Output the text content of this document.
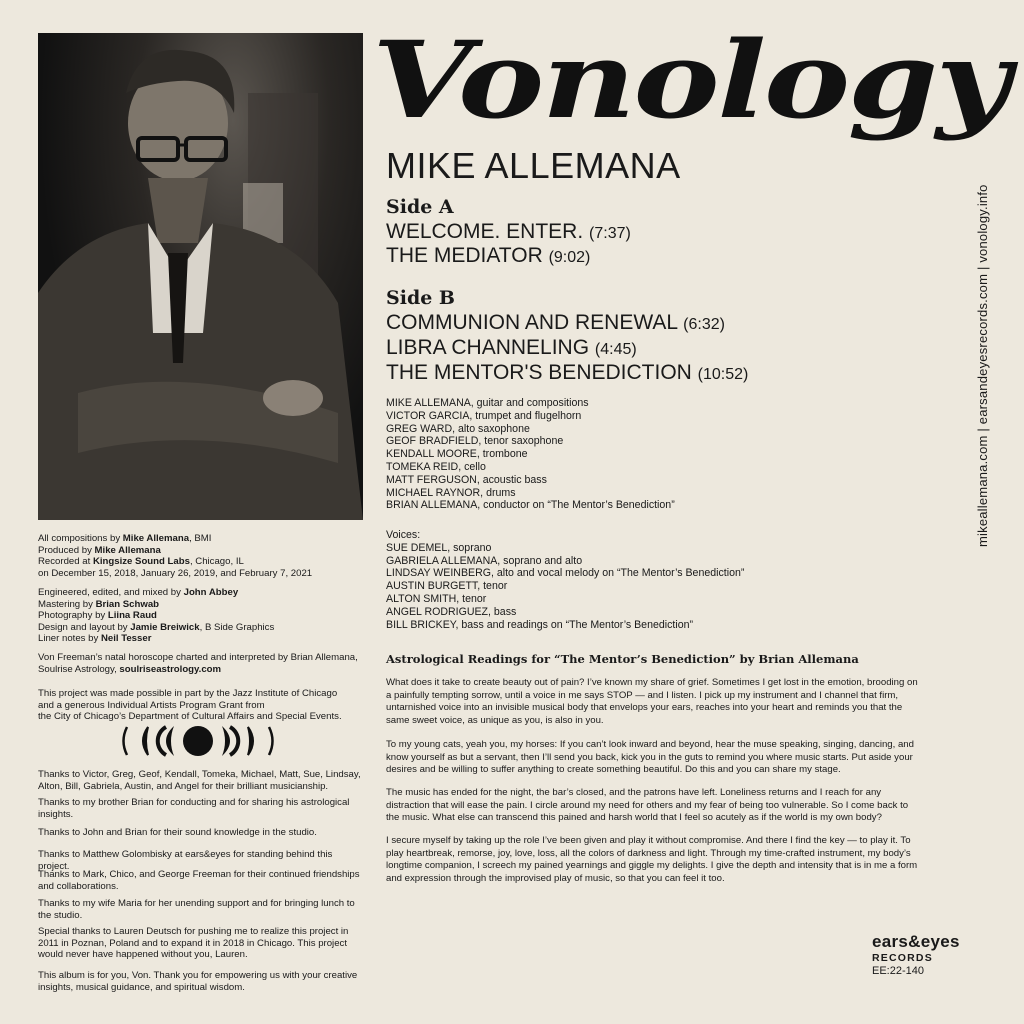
Vonology
MIKE ALLEMANA
Side A
WELCOME. ENTER. (7:37)
THE MEDIATOR (9:02)
Side B
COMMUNION AND RENEWAL (6:32)
LIBRA CHANNELING (4:45)
THE MENTOR'S BENEDICTION (10:52)
MIKE ALLEMANA, guitar and compositions
VICTOR GARCIA, trumpet and flugelhorn
GREG WARD, alto saxophone
GEOF BRADFIELD, tenor saxophone
KENDALL MOORE, trombone
TOMEKA REID, cello
MATT FERGUSON, acoustic bass
MICHAEL RAYNOR, drums
BRIAN ALLEMANA, conductor on “The Mentor’s Benediction”
Voices:
SUE DEMEL, soprano
GABRIELA ALLEMANA, soprano and alto
LINDSAY WEINBERG, alto and vocal melody on “The Mentor’s Benediction”
AUSTIN BURGETT, tenor
ALTON SMITH, tenor
ANGEL RODRIGUEZ, bass
BILL BRICKEY, bass and readings on “The Mentor’s Benediction”
Astrological Readings for “The Mentor’s Benediction” by Brian Allemana
What does it take to create beauty out of pain? I’ve known my share of grief. Sometimes I get lost in the emotion, brooding on a painfully tempting sorrow, until a voice in me says STOP — and I listen. I pick up my instrument and I channel that firm, untarnished voice into an invisible musical body that envelops your ears, reaches into your heart and reminds you that the same sweet voice, as unique as you, is also in you.
To my young cats, yeah you, my horses: If you can’t look inward and beyond, hear the muse speaking, singing, dancing, and know yourself as but a servant, then I’ll send you back, kick you in the guts to remind you where music starts. Put aside your desires and be willing to suffer anything to create something beautiful. Do this and you can share my stage.
The music has ended for the night, the bar’s closed, and the patrons have left. Loneliness returns and I reach for any distraction that will ease the pain. I circle around my need for others and my fear of being too vulnerable. So I come back to the music. What else can transcend this pained and harsh world that I feel so acutely as if the world is my own body?
I secure myself by taking up the role I’ve been given and play it without compromise. And there I find the key — to play it. To play heartbreak, remorse, joy, love, loss, all the colors of darkness and light. Through my time-crafted instrument, my body’s longtime companion, I screech my pained yearnings and giggle my delights. I give the depth and intensity that is in me a form and expression through the improvised play of music, so that you can feel it too.

All compositions by Mike Allemana, BMI

Produced by Mike Allemana

Recorded at Kingsize Sound Labs, Chicago, IL

on December 15, 2018, January 26, 2019, and February 7, 2021

Engineered, edited, and mixed by John Abbey

Mastering by Brian Schwab

Photography by Liina Raud

Design and layout by Jamie Breiwick, B Side Graphics

Liner notes by Neil Tesser

Von Freeman’s natal horoscope charted and interpreted by Brian Allemana,

Soulrise Astrology, soulriseastrology.com

This project was made possible in part by the Jazz Institute of Chicago

and a generous Individual Artists Program Grant from

the City of Chicago’s Department of Cultural Affairs and Special Events.

Thanks to Victor, Greg, Geof, Kendall, Tomeka, Michael, Matt, Sue, Lindsay, Alton, Bill, Gabriela, Austin, and Angel for their brilliant musicianship.
Thanks to my brother Brian for conducting and for sharing his astrological insights.
Thanks to John and Brian for their sound knowledge in the studio.
Thanks to Matthew Golombisky at ears&eyes for standing behind this project.
Thanks to Mark, Chico, and George Freeman for their continued friendships and collaborations.
Thanks to my wife Maria for her unending support and for bringing lunch to the studio.
Special thanks to Lauren Deutsch for pushing me to realize this project in 2011 in Poznan, Poland and to expand it in 2018 in Chicago. This project would never have happened without you, Lauren.
This album is for you, Von. Thank you for empowering us with your creative insights, musical guidance, and spiritual wisdom.
mikeallemana.com | earsandeyesrecords.com | vonology.info
ears&eyes
RECORDS
EE:22-140
